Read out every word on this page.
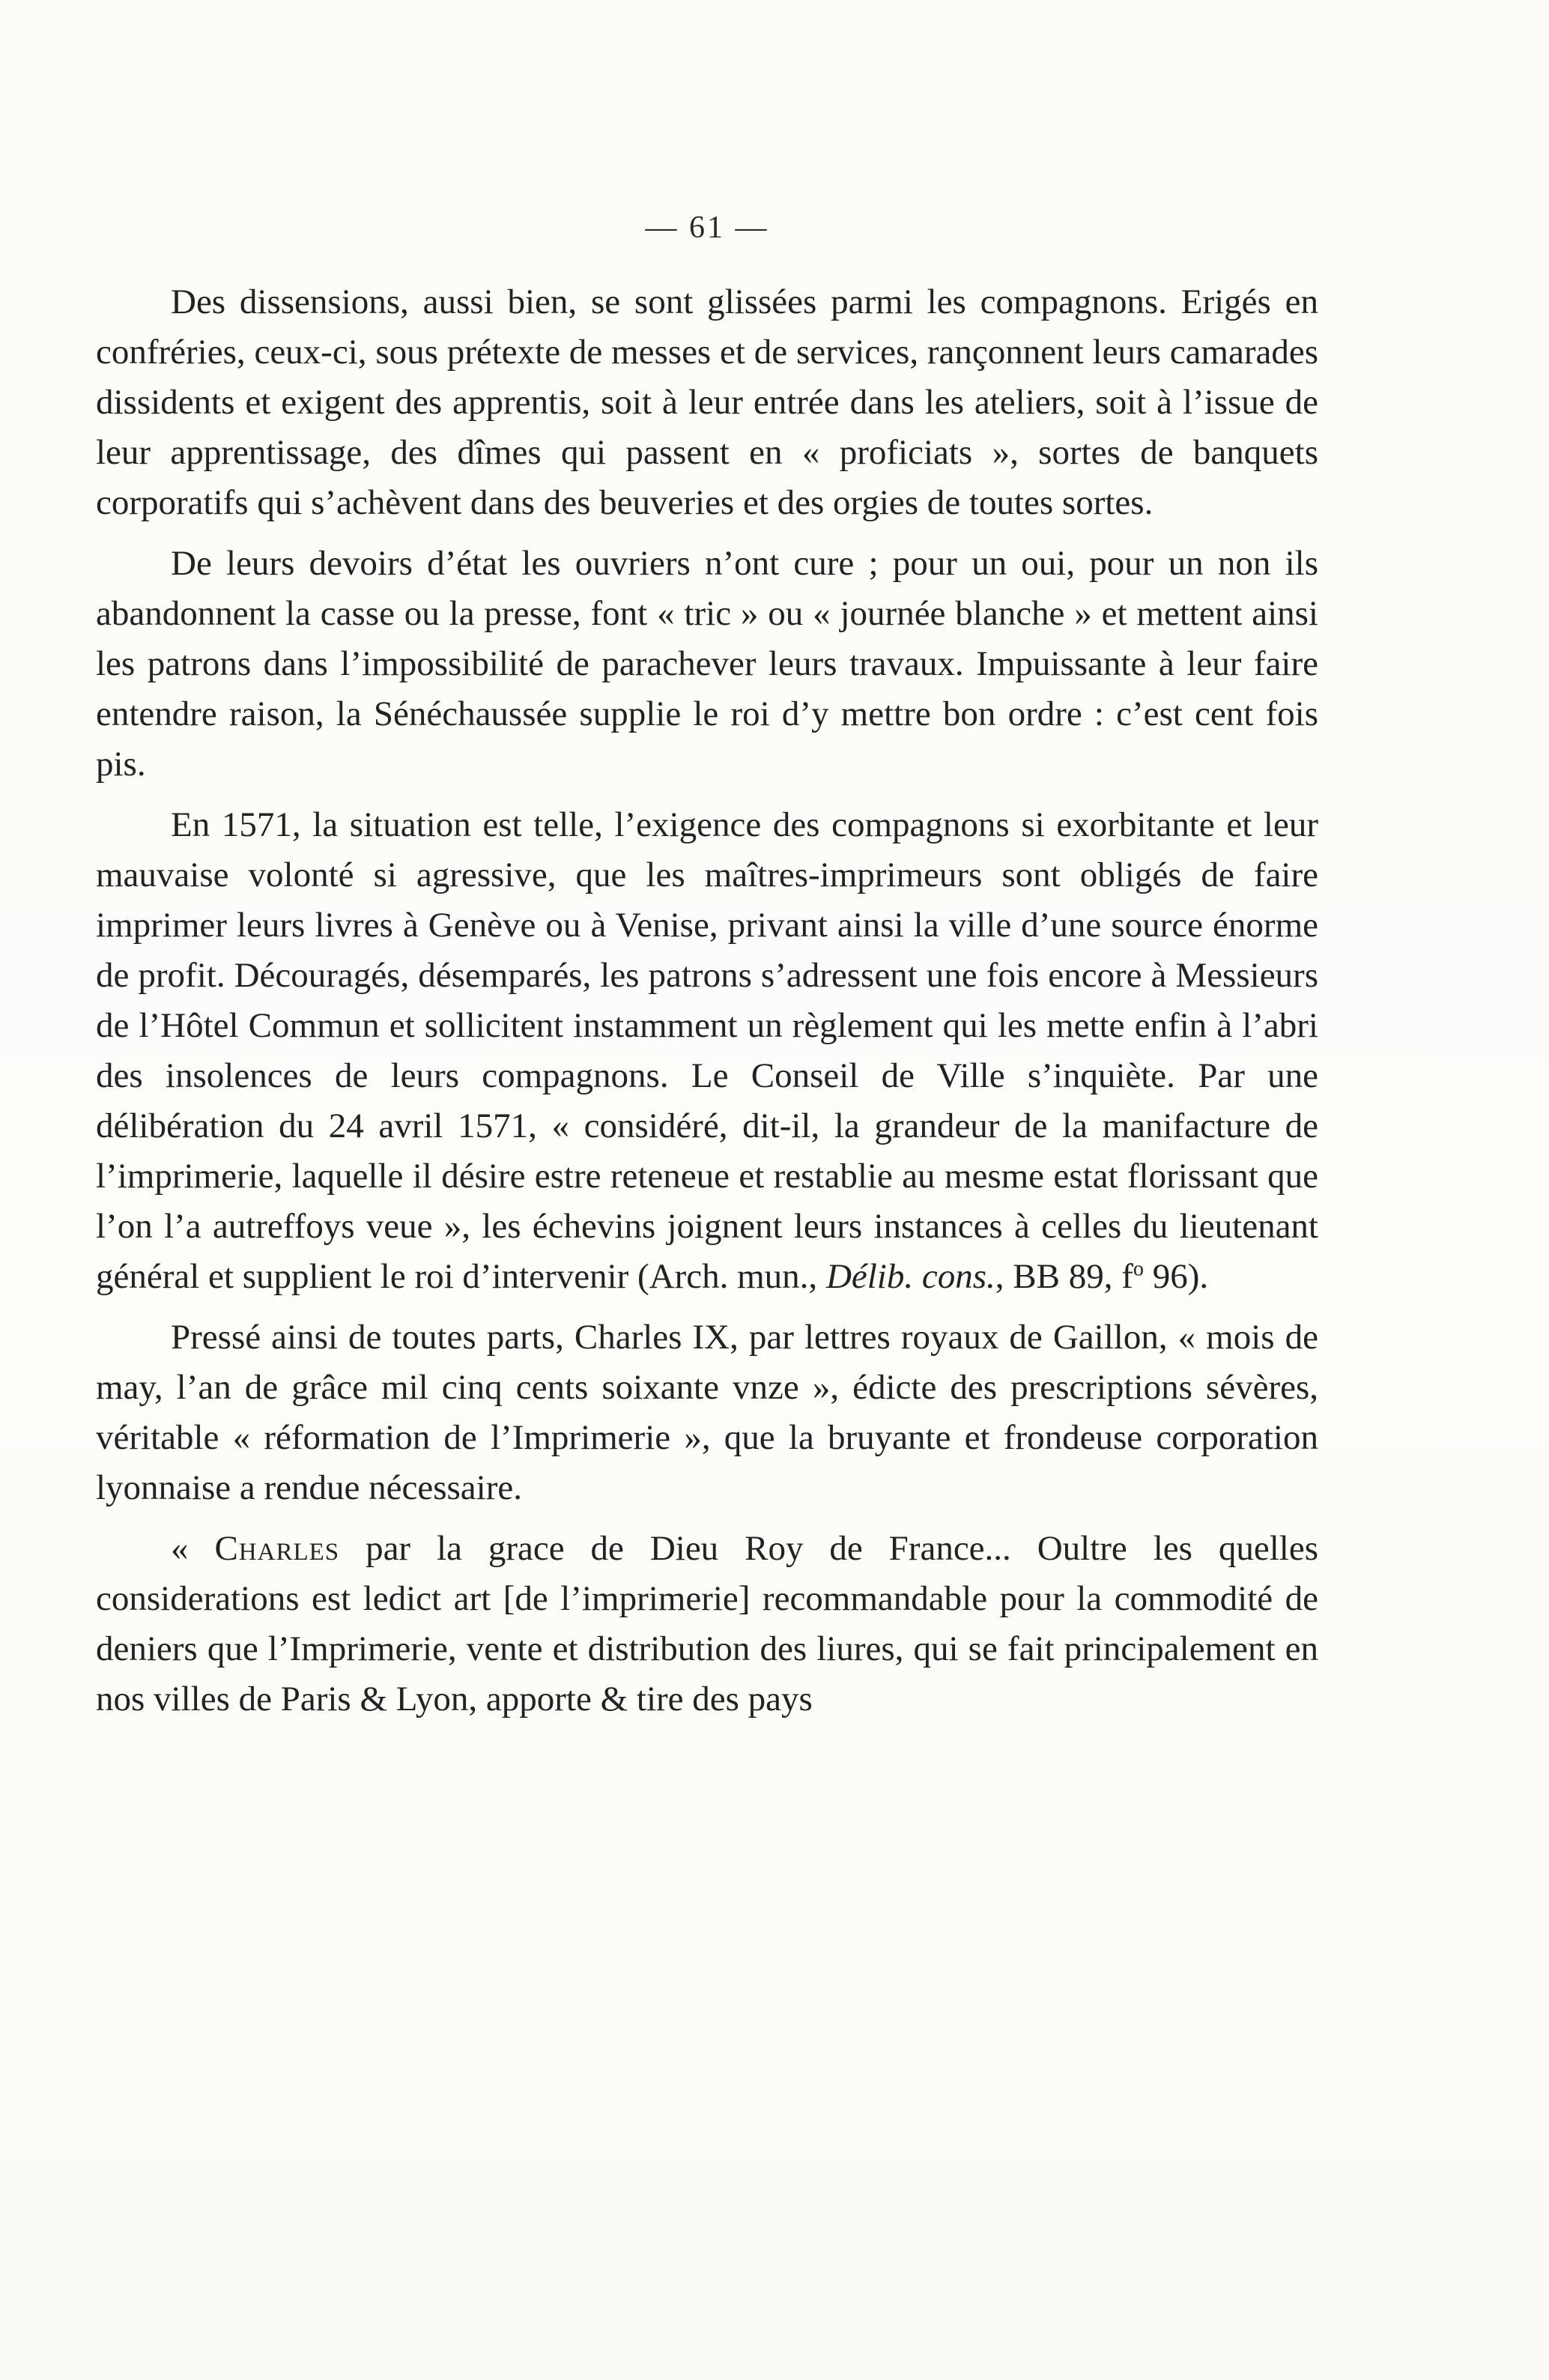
— 61 —

Des dissensions, aussi bien, se sont glissées parmi les compagnons. Erigés en confréries, ceux-ci, sous prétexte de messes et de services, rançonnent leurs camarades dissidents et exigent des apprentis, soit à leur entrée dans les ateliers, soit à l’issue de leur apprentissage, des dîmes qui passent en « proficiats », sortes de banquets corporatifs qui s’achèvent dans des beuveries et des orgies de toutes sortes.

De leurs devoirs d’état les ouvriers n’ont cure ; pour un oui, pour un non ils abandonnent la casse ou la presse, font « tric » ou « journée blanche » et mettent ainsi les patrons dans l’impossibilité de parachever leurs travaux. Impuissante à leur faire entendre raison, la Sénéchaussée supplie le roi d’y mettre bon ordre : c’est cent fois pis.

En 1571, la situation est telle, l’exigence des compagnons si exorbitante et leur mauvaise volonté si agressive, que les maîtres-imprimeurs sont obligés de faire imprimer leurs livres à Genève ou à Venise, privant ainsi la ville d’une source énorme de profit. Découragés, désemparés, les patrons s’adressent une fois encore à Messieurs de l’Hôtel Commun et sollicitent instamment un règlement qui les mette enfin à l’abri des insolences de leurs compagnons. Le Conseil de Ville s’inquiète. Par une délibération du 24 avril 1571, « considéré, dit-il, la grandeur de la manifacture de l’imprimerie, laquelle il désire estre reteneue et restablie au mesme estat florissant que l’on l’a autreffoys veue », les échevins joignent leurs instances à celles du lieutenant général et supplient le roi d’intervenir (Arch. mun., Délib. cons., BB 89, $f^o$ 96).

Pressé ainsi de toutes parts, Charles IX, par lettres royaux de Gaillon, « mois de may, l’an de grâce mil cinq cents soixante vnze », édicte des prescriptions sévères, véritable « réformation de l’Imprimerie », que la bruyante et frondeuse corporation lyonnaise a rendue nécessaire.

« Charles par la grace de Dieu Roy de France... Oultre les quelles considerations est ledict art [de l’imprimerie] recommandable pour la commodité de deniers que l’Imprimerie, vente et distribution des liures, qui se fait principalement en nos villes de Paris & Lyon, apporte & tire des pays
